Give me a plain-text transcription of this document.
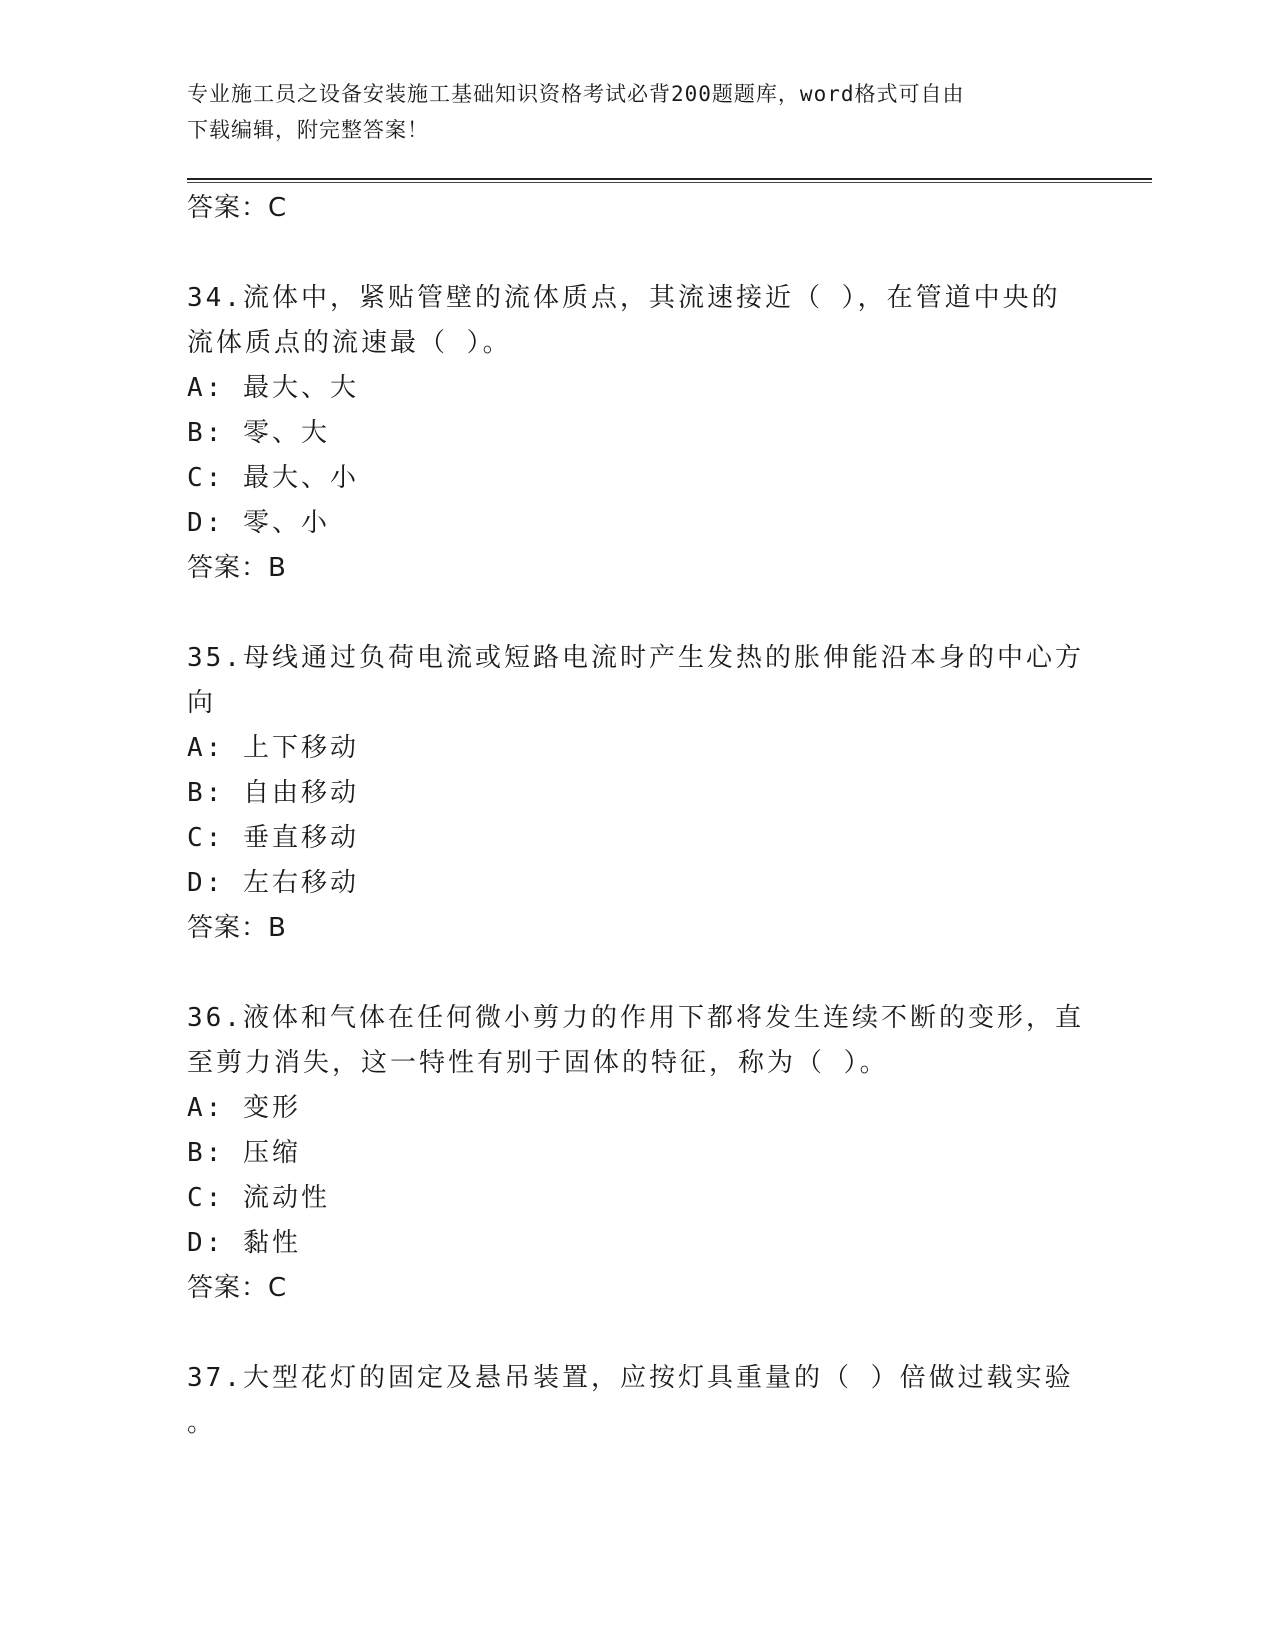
专业施工员之设备安装施工基础知识资格考试必背200题题库，word格式可自由
下载编辑，附完整答案！
答案：C
34.流体中，紧贴管壁的流体质点，其流速接近（ ），在管道中央的
流体质点的流速最（ ）。
A: 最大、大
B: 零、大
C: 最大、小
D: 零、小
答案：B
35.母线通过负荷电流或短路电流时产生发热的胀伸能沿本身的中心方
向
A: 上下移动
B: 自由移动
C: 垂直移动
D: 左右移动
答案：B
36.液体和气体在任何微小剪力的作用下都将发生连续不断的变形，直
至剪力消失，这一特性有别于固体的特征，称为（ ）。
A: 变形
B: 压缩
C: 流动性
D: 黏性
答案：C
37.大型花灯的固定及悬吊装置，应按灯具重量的（ ）倍做过载实验
。
